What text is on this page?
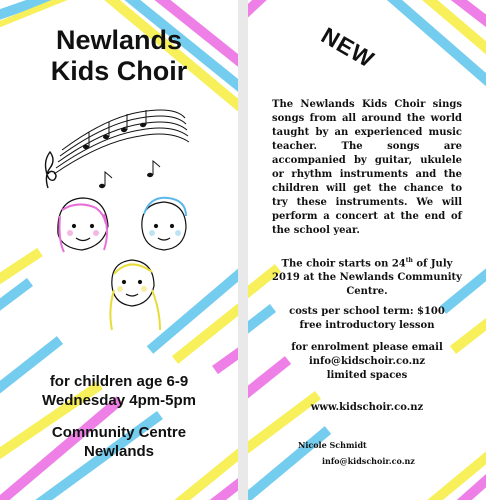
Newlands
Kids Choir
for children age 6-9
Wednesday 4pm-5pm
Community Centre
Newlands
NEW
The Newlands Kids Choir sings songs from all around the world taught by an experienced music teacher. The songs are accompanied by guitar, ukulele or rhythm instruments and the children will get the chance to try these instruments. We will perform a concert at the end of the school year.
The choir starts on 24th of July 2019 at the Newlands Community Centre.
costs per school term: $100
free introductory lesson
for enrolment please email
info@kidschoir.co.nz
limited spaces
www.kidschoir.co.nz
Nicole Schmidt
info@kidschoir.co.nz
